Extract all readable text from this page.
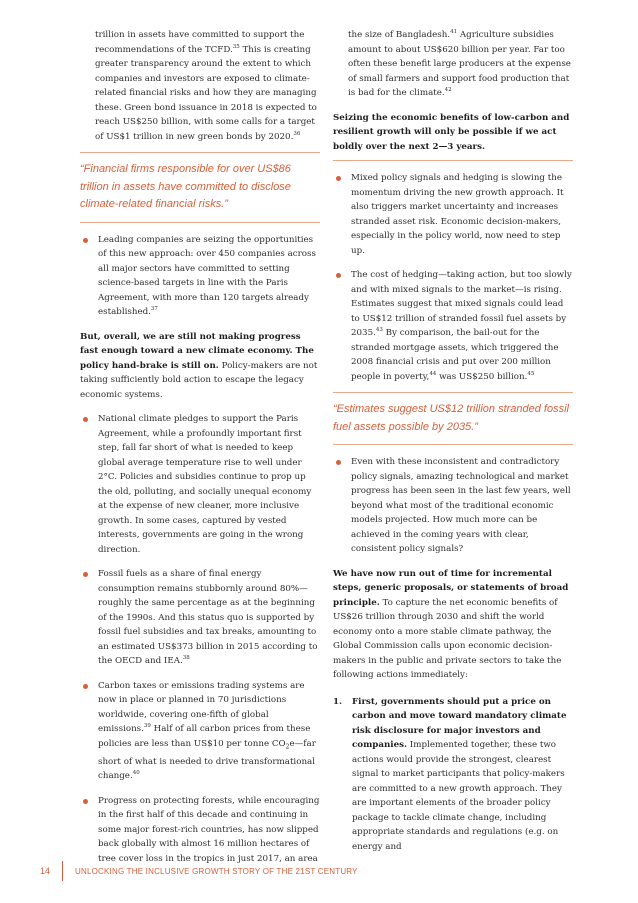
trillion in assets have committed to support the recommendations of the TCFD.$^{35}$ This is creating greater transparency around the extent to which companies and investors are exposed to climate-related financial risks and how they are managing these. Green bond issuance in 2018 is expected to reach US$250 billion, with some calls for a target of US$1 trillion in new green bonds by 2020.36

“Financial firms responsible for over US$86 trillion in assets have committed to disclose climate-related financial risks.”

Leading companies are seizing the opportunities of this new approach: over 450 companies across all major sectors have committed to setting science-based targets in line with the Paris Agreement, with more than 120 targets already established.$^{37}$

But, overall, we are still not making progress fast enough toward a new climate economy. The policy hand-brake is still on. Policy-makers are not taking sufficiently bold action to escape the legacy economic systems.

National climate pledges to support the Paris Agreement, while a profoundly important first step, fall far short of what is needed to keep global average temperature rise to well under 2°C. Policies and subsidies continue to prop up the old, polluting, and socially unequal economy at the expense of new cleaner, more inclusive growth. In some cases, captured by vested interests, governments are going in the wrong direction.

Fossil fuels as a share of final energy consumption remains stubbornly around 80%—roughly the same percentage as at the beginning of the 1990s. And this status quo is supported by fossil fuel subsidies and tax breaks, amounting to an estimated US$373 billion in 2015 according to the OECD and IEA.$^{38}$

Carbon taxes or emissions trading systems are now in place or planned in 70 jurisdictions worldwide, covering one-fifth of global emissions.$^{39}$ Half of all carbon prices from these policies are less than US$10 per tonne $CO_2e—far$ short of what is needed to drive transformational change.$^{40}$

Progress on protecting forests, while encouraging in the first half of this decade and continuing in some major forest-rich countries, has now slipped back globally with almost 16 million hectares of tree cover loss in the tropics in just 2017, an area

the size of Bangladesh.$^{41}$ Agriculture subsidies amount to about US$620 billion per year. Far too often these benefit large producers at the expense of small farmers and support food production that is bad for the climate.$^{42}$

Seizing the economic benefits of low-carbon and resilient growth will only be possible if we act boldly over the next 2—3 years.

Mixed policy signals and hedging is slowing the momentum driving the new growth approach. It also triggers market uncertainty and increases stranded asset risk. Economic decision-makers, especially in the policy world, now need to step up.

The cost of hedging—taking action, but too slowly and with mixed signals to the market—is rising. Estimates suggest that mixed signals could lead to US$12 trillion of stranded fossil fuel assets by 2035.43 By comparison, the bail-out for the stranded mortgage assets, which triggered the 2008 financial crisis and put over 200 million people in poverty,$^{44}$ was US$250 billion.$^{45}$

“Estimates suggest US$12 trillion stranded fossil fuel assets possible by 2035.”

Even with these inconsistent and contradictory policy signals, amazing technological and market progress has been seen in the last few years, well beyond what most of the traditional economic models projected. How much more can be achieved in the coming years with clear, consistent policy signals?

We have now run out of time for incremental steps, generic proposals, or statements of broad principle. To capture the net economic benefits of US$26 trillion through 2030 and shift the world economy onto a more stable climate pathway, the Global Commission calls upon economic decision-makers in the public and private sectors to take the following actions immediately:

1. First, governments should put a price on carbon and move toward mandatory climate risk disclosure for major investors and companies. Implemented together, these two actions would provide the strongest, clearest signal to market participants that policy-makers are committed to a new growth approach. They are important elements of the broader policy package to tackle climate change, including appropriate standards and regulations (e.g. on energy and

14	UNLOCKING THE INCLUSIVE GROWTH STORY OF THE 21ST CENTURY
